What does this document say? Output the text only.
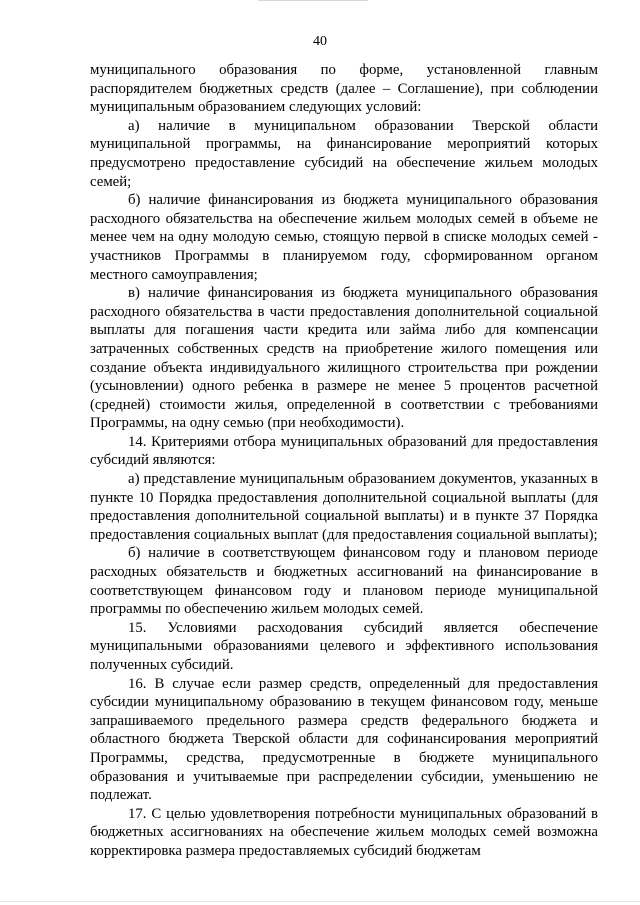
40

муниципального образования по форме, установленной главным распорядителем бюджетных средств (далее – Соглашение), при соблюдении муниципальным образованием следующих условий:

а) наличие в муниципальном образовании Тверской области муниципальной программы, на финансирование мероприятий которых предусмотрено предоставление субсидий на обеспечение жильем молодых семей;

б) наличие финансирования из бюджета муниципального образования расходного обязательства на обеспечение жильем молодых семей в объеме не менее чем на одну молодую семью, стоящую первой в списке молодых семей - участников Программы в планируемом году, сформированном органом местного самоуправления;

в) наличие финансирования из бюджета муниципального образования расходного обязательства в части предоставления дополнительной социальной выплаты для погашения части кредита или займа либо для компенсации затраченных собственных средств на приобретение жилого помещения или создание объекта индивидуального жилищного строительства при рождении (усыновлении) одного ребенка в размере не менее 5 процентов расчетной (средней) стоимости жилья, определенной в соответствии с требованиями Программы, на одну семью (при необходимости).

14. Критериями отбора муниципальных образований для предоставления субсидий являются:

а) представление муниципальным образованием документов, указанных в пункте 10 Порядка предоставления дополнительной социальной выплаты (для предоставления дополнительной социальной выплаты) и в пункте 37 Порядка предоставления социальных выплат (для предоставления социальной выплаты);

б) наличие в соответствующем финансовом году и плановом периоде расходных обязательств и бюджетных ассигнований на финансирование в соответствующем финансовом году и плановом периоде муниципальной программы по обеспечению жильем молодых семей.

15. Условиями расходования субсидий является обеспечение муниципальными образованиями целевого и эффективного использования полученных субсидий.

16. В случае если размер средств, определенный для предоставления субсидии муниципальному образованию в текущем финансовом году, меньше запрашиваемого предельного размера средств федерального бюджета и областного бюджета Тверской области для софинансирования мероприятий Программы, средства, предусмотренные в бюджете муниципального образования и учитываемые при распределении субсидии, уменьшению не подлежат.

17. С целью удовлетворения потребности муниципальных образований в бюджетных ассигнованиях на обеспечение жильем молодых семей возможна корректировка размера предоставляемых субсидий бюджетам
